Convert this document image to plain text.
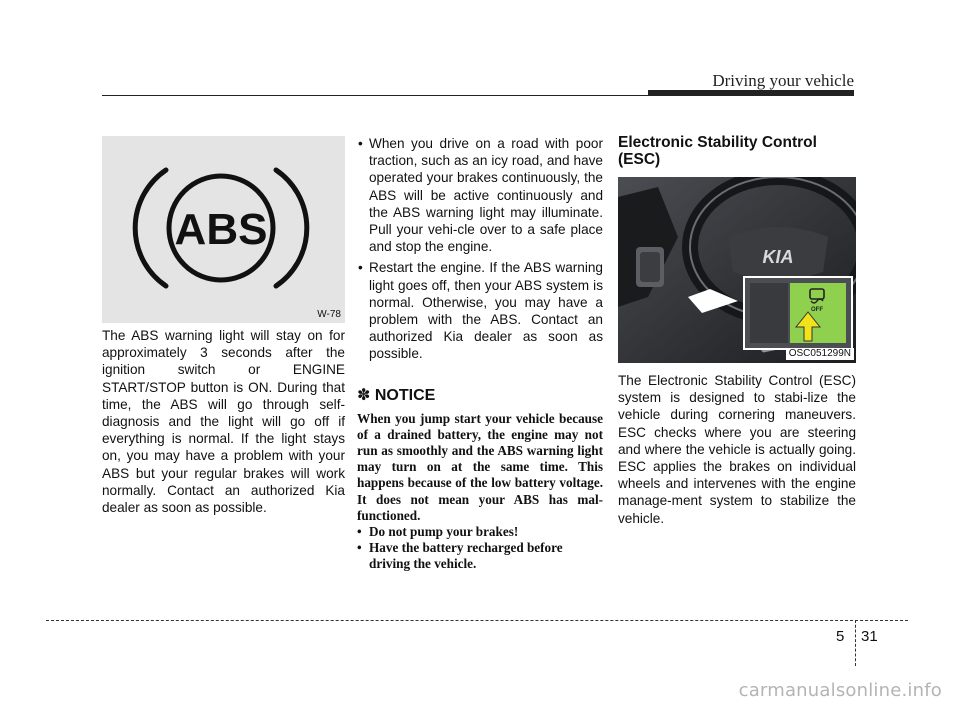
Driving your vehicle
ABS
W-78

The ABS warning light will stay on for approximately 3 seconds after the ignition switch or ENGINE START/STOP button is ON. During that time, the ABS will go through self-diagnosis and the light will go off if everything is normal. If the light stays on, you may have a problem with your ABS but your regular brakes will work normally. Contact an authorized Kia dealer as soon as possible.

• When you drive on a road with poor traction, such as an icy road, and have operated your brakes continuously, the ABS will be active continuously and the ABS warning light may illuminate. Pull your vehi-cle over to a safe place and stop the engine.
• Restart the engine. If the ABS warning light goes off, then your ABS system is normal. Otherwise, you may have a problem with the ABS. Contact an authorized Kia dealer as soon as possible.
✽ NOTICE

When you jump start your vehicle because of a drained battery, the engine may not run as smoothly and the ABS warning light may turn on at the same time. This happens because of the low battery voltage. It does not mean your ABS has mal-functioned.

• Do not pump your brakes!
• Have the battery recharged before driving the vehicle.
Electronic Stability Control (ESC)
KIA
OFF
OSC051299N

The Electronic Stability Control (ESC) system is designed to stabi-lize the vehicle during cornering maneuvers. ESC checks where you are steering and where the vehicle is actually going. ESC applies the brakes on individual wheels and intervenes with the engine manage-ment system to stabilize the vehicle.

5 31
carmanualsonline.info
